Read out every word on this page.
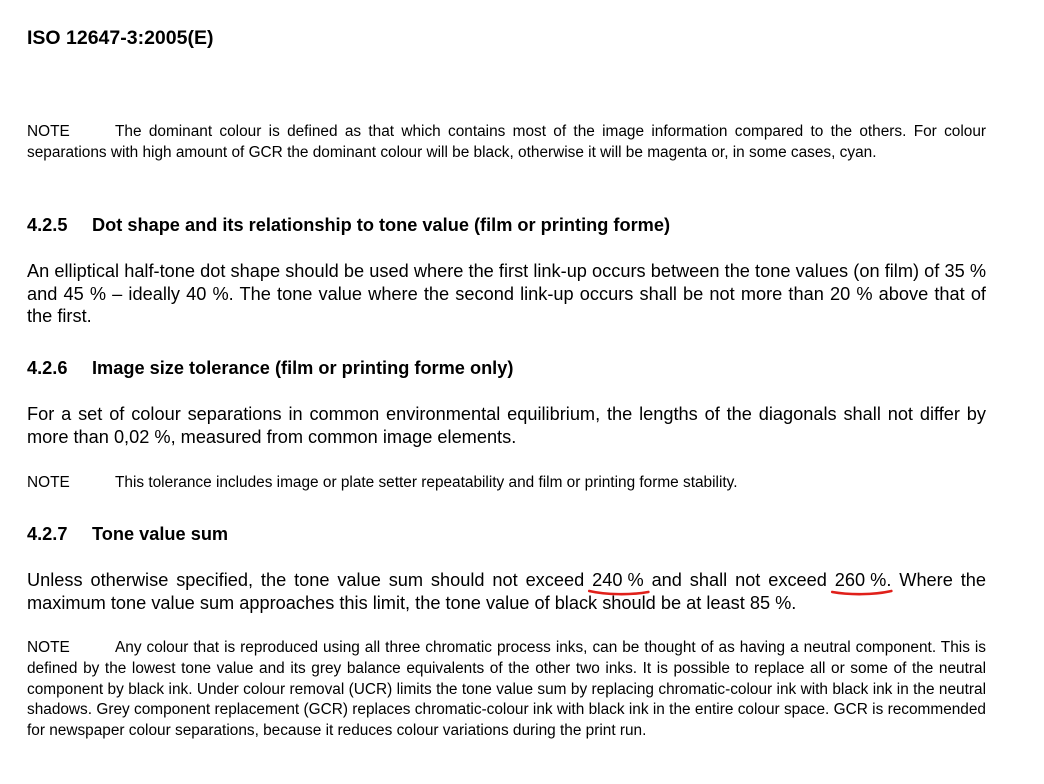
ISO 12647-3:2005(E)

NOTE	The dominant colour is defined as that which contains most of the image information compared to the others. For colour separations with high amount of GCR the dominant colour will be black, otherwise it will be magenta or, in some cases, cyan.

4.2.5 Dot shape and its relationship to tone value (film or printing forme)

An elliptical half-tone dot shape should be used where the first link-up occurs between the tone values (on film) of 35 % and 45 % – ideally 40 %. The tone value where the second link-up occurs shall be not more than 20 % above that of the first.

4.2.6 Image size tolerance (film or printing forme only)

For a set of colour separations in common environmental equilibrium, the lengths of the diagonals shall not differ by more than 0,02 %, measured from common image elements.

NOTE	This tolerance includes image or plate setter repeatability and film or printing forme stability.

4.2.7 Tone value sum

Unless otherwise specified, the tone value sum should not exceed 240 %
and shall not exceed 260 %
. Where the maximum tone value sum approaches this limit, the tone value of black should be at least 85 %.

NOTE	Any colour that is reproduced using all three chromatic process inks, can be thought of as having a neutral component. This is defined by the lowest tone value and its grey balance equivalents of the other two inks. It is possible to replace all or some of the neutral component by black ink. Under colour removal (UCR) limits the tone value sum by replacing chromatic-colour ink with black ink in the neutral shadows. Grey component replacement (GCR) replaces chromatic-colour ink with black ink in the entire colour space. GCR is recommended for newspaper colour separations, because it reduces colour variations during the print run.
